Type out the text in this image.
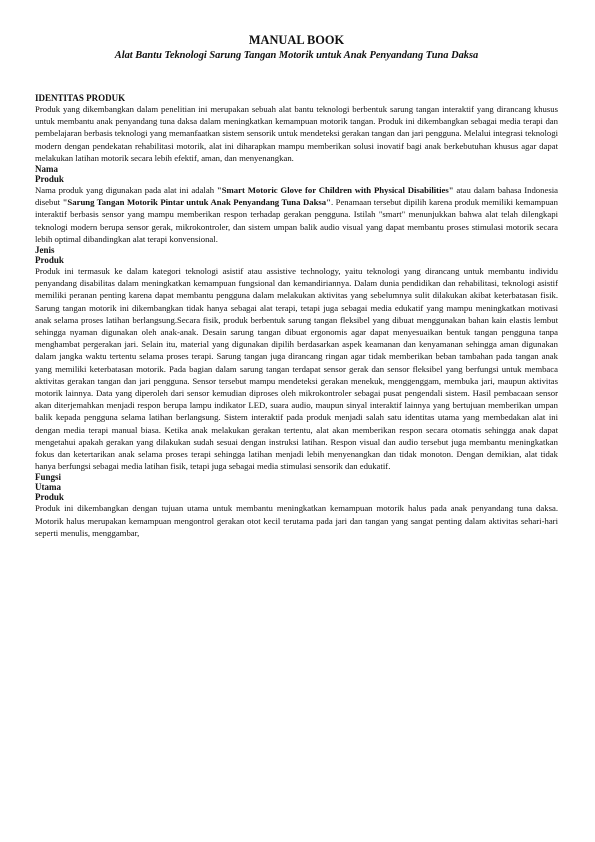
MANUAL BOOK

Alat Bantu Teknologi Sarung Tangan Motorik untuk Anak Penyandang Tuna Daksa

IDENTITAS PRODUK

Produk yang dikembangkan dalam penelitian ini merupakan sebuah alat bantu teknologi berbentuk sarung tangan interaktif yang dirancang khusus untuk membantu anak penyandang tuna daksa dalam meningkatkan kemampuan motorik tangan. Produk ini dikembangkan sebagai media terapi dan pembelajaran berbasis teknologi yang memanfaatkan sistem sensorik untuk mendeteksi gerakan tangan dan jari pengguna. Melalui integrasi teknologi modern dengan pendekatan rehabilitasi motorik, alat ini diharapkan mampu memberikan solusi inovatif bagi anak berkebutuhan khusus agar dapat melakukan latihan motorik secara lebih efektif, aman, dan menyenangkan.

Nama

Produk

Nama produk yang digunakan pada alat ini adalah "Smart Motoric Glove for Children with Physical Disabilities" atau dalam bahasa Indonesia disebut "Sarung Tangan Motorik Pintar untuk Anak Penyandang Tuna Daksa". Penamaan tersebut dipilih karena produk memiliki kemampuan interaktif berbasis sensor yang mampu memberikan respon terhadap gerakan pengguna. Istilah "smart" menunjukkan bahwa alat telah dilengkapi teknologi modern berupa sensor gerak, mikrokontroler, dan sistem umpan balik audio visual yang dapat membantu proses stimulasi motorik secara lebih optimal dibandingkan alat terapi konvensional.

Jenis

Produk

Produk ini termasuk ke dalam kategori teknologi asistif atau assistive technology, yaitu teknologi yang dirancang untuk membantu individu penyandang disabilitas dalam meningkatkan kemampuan fungsional dan kemandiriannya. Dalam dunia pendidikan dan rehabilitasi, teknologi asistif memiliki peranan penting karena dapat membantu pengguna dalam melakukan aktivitas yang sebelumnya sulit dilakukan akibat keterbatasan fisik. Sarung tangan motorik ini dikembangkan tidak hanya sebagai alat terapi, tetapi juga sebagai media edukatif yang mampu meningkatkan motivasi anak selama proses latihan berlangsung.Secara fisik, produk berbentuk sarung tangan fleksibel yang dibuat menggunakan bahan kain elastis lembut sehingga nyaman digunakan oleh anak-anak. Desain sarung tangan dibuat ergonomis agar dapat menyesuaikan bentuk tangan pengguna tanpa menghambat pergerakan jari. Selain itu, material yang digunakan dipilih berdasarkan aspek keamanan dan kenyamanan sehingga aman digunakan dalam jangka waktu tertentu selama proses terapi. Sarung tangan juga dirancang ringan agar tidak memberikan beban tambahan pada tangan anak yang memiliki keterbatasan motorik. Pada bagian dalam sarung tangan terdapat sensor gerak dan sensor fleksibel yang berfungsi untuk membaca aktivitas gerakan tangan dan jari pengguna. Sensor tersebut mampu mendeteksi gerakan menekuk, menggenggam, membuka jari, maupun aktivitas motorik lainnya. Data yang diperoleh dari sensor kemudian diproses oleh mikrokontroler sebagai pusat pengendali sistem. Hasil pembacaan sensor akan diterjemahkan menjadi respon berupa lampu indikator LED, suara audio, maupun sinyal interaktif lainnya yang bertujuan memberikan umpan balik kepada pengguna selama latihan berlangsung. Sistem interaktif pada produk menjadi salah satu identitas utama yang membedakan alat ini dengan media terapi manual biasa. Ketika anak melakukan gerakan tertentu, alat akan memberikan respon secara otomatis sehingga anak dapat mengetahui apakah gerakan yang dilakukan sudah sesuai dengan instruksi latihan. Respon visual dan audio tersebut juga membantu meningkatkan fokus dan ketertarikan anak selama proses terapi sehingga latihan menjadi lebih menyenangkan dan tidak monoton. Dengan demikian, alat tidak hanya berfungsi sebagai media latihan fisik, tetapi juga sebagai media stimulasi sensorik dan edukatif.

Fungsi

Utama

Produk

Produk ini dikembangkan dengan tujuan utama untuk membantu meningkatkan kemampuan motorik halus pada anak penyandang tuna daksa. Motorik halus merupakan kemampuan mengontrol gerakan otot kecil terutama pada jari dan tangan yang sangat penting dalam aktivitas sehari-hari seperti menulis, menggambar,
